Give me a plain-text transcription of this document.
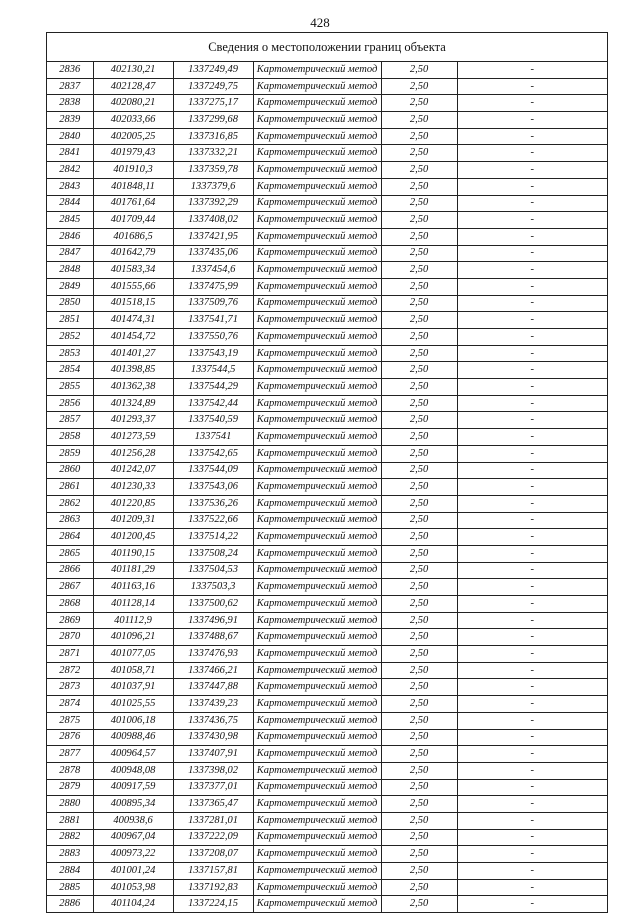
428
Сведения о местоположении границ объекта
2836	402130,21	1337249,49	Картометрический метод	2,50	-
2837	402128,47	1337249,75	Картометрический метод	2,50	-
2838	402080,21	1337275,17	Картометрический метод	2,50	-
2839	402033,66	1337299,68	Картометрический метод	2,50	-
2840	402005,25	1337316,85	Картометрический метод	2,50	-
2841	401979,43	1337332,21	Картометрический метод	2,50	-
2842	401910,3	1337359,78	Картометрический метод	2,50	-
2843	401848,11	1337379,6	Картометрический метод	2,50	-
2844	401761,64	1337392,29	Картометрический метод	2,50	-
2845	401709,44	1337408,02	Картометрический метод	2,50	-
2846	401686,5	1337421,95	Картометрический метод	2,50	-
2847	401642,79	1337435,06	Картометрический метод	2,50	-
2848	401583,34	1337454,6	Картометрический метод	2,50	-
2849	401555,66	1337475,99	Картометрический метод	2,50	-
2850	401518,15	1337509,76	Картометрический метод	2,50	-
2851	401474,31	1337541,71	Картометрический метод	2,50	-
2852	401454,72	1337550,76	Картометрический метод	2,50	-
2853	401401,27	1337543,19	Картометрический метод	2,50	-
2854	401398,85	1337544,5	Картометрический метод	2,50	-
2855	401362,38	1337544,29	Картометрический метод	2,50	-
2856	401324,89	1337542,44	Картометрический метод	2,50	-
2857	401293,37	1337540,59	Картометрический метод	2,50	-
2858	401273,59	1337541	Картометрический метод	2,50	-
2859	401256,28	1337542,65	Картометрический метод	2,50	-
2860	401242,07	1337544,09	Картометрический метод	2,50	-
2861	401230,33	1337543,06	Картометрический метод	2,50	-
2862	401220,85	1337536,26	Картометрический метод	2,50	-
2863	401209,31	1337522,66	Картометрический метод	2,50	-
2864	401200,45	1337514,22	Картометрический метод	2,50	-
2865	401190,15	1337508,24	Картометрический метод	2,50	-
2866	401181,29	1337504,53	Картометрический метод	2,50	-
2867	401163,16	1337503,3	Картометрический метод	2,50	-
2868	401128,14	1337500,62	Картометрический метод	2,50	-
2869	401112,9	1337496,91	Картометрический метод	2,50	-
2870	401096,21	1337488,67	Картометрический метод	2,50	-
2871	401077,05	1337476,93	Картометрический метод	2,50	-
2872	401058,71	1337466,21	Картометрический метод	2,50	-
2873	401037,91	1337447,88	Картометрический метод	2,50	-
2874	401025,55	1337439,23	Картометрический метод	2,50	-
2875	401006,18	1337436,75	Картометрический метод	2,50	-
2876	400988,46	1337430,98	Картометрический метод	2,50	-
2877	400964,57	1337407,91	Картометрический метод	2,50	-
2878	400948,08	1337398,02	Картометрический метод	2,50	-
2879	400917,59	1337377,01	Картометрический метод	2,50	-
2880	400895,34	1337365,47	Картометрический метод	2,50	-
2881	400938,6	1337281,01	Картометрический метод	2,50	-
2882	400967,04	1337222,09	Картометрический метод	2,50	-
2883	400973,22	1337208,07	Картометрический метод	2,50	-
2884	401001,24	1337157,81	Картометрический метод	2,50	-
2885	401053,98	1337192,83	Картометрический метод	2,50	-
2886	401104,24	1337224,15	Картометрический метод	2,50	-
